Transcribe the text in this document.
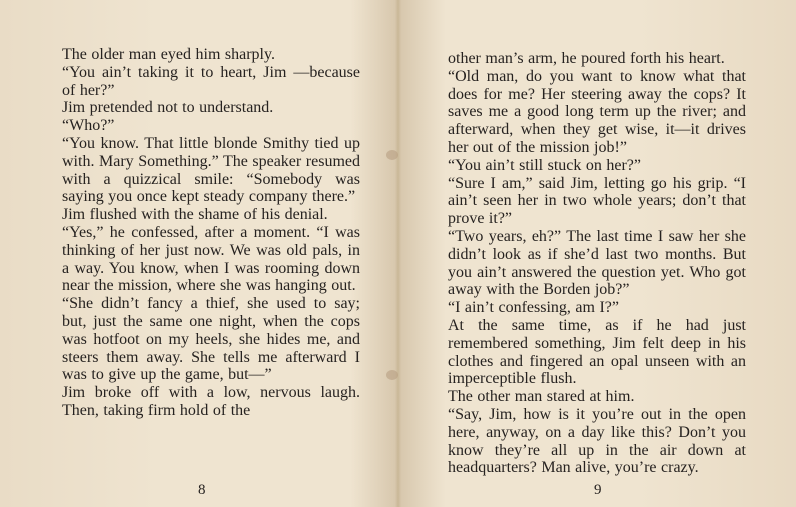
The older man eyed him sharply.

“You ain’t taking it to heart, Jim —because of her?”

Jim pretended not to understand.

“Who?”

“You know. That little blonde Smithy tied up with. Mary Something.” The speaker resumed with a quizzical smile: “Somebody was saying you once kept steady company there.”

Jim flushed with the shame of his denial.

“Yes,” he confessed, after a moment. “I was thinking of her just now. We was old pals, in a way. You know, when I was rooming down near the mission, where she was hanging out.

“She didn’t fancy a thief, she used to say; but, just the same one night, when the cops was hotfoot on my heels, she hides me, and steers them away. She tells me afterward I was to give up the game, but—”

Jim broke off with a low, nervous laugh. Then, taking firm hold of the

8

other man’s arm, he poured forth his heart.

“Old man, do you want to know what that does for me? Her steering away the cops? It saves me a good long term up the river; and afterward, when they get wise, it—it drives her out of the mission job!”

“You ain’t still stuck on her?”

“Sure I am,” said Jim, letting go his grip. “I ain’t seen her in two whole years; don’t that prove it?”

“Two years, eh?” The last time I saw her she didn’t look as if she’d last two months. But you ain’t answered the question yet. Who got away with the Borden job?”

“I ain’t confessing, am I?”

At the same time, as if he had just remembered something, Jim felt deep in his clothes and fingered an opal unseen with an imperceptible flush.

The other man stared at him.

“Say, Jim, how is it you’re out in the open here, anyway, on a day like this? Don’t you know they’re all up in the air down at headquarters? Man alive, you’re crazy.

9
